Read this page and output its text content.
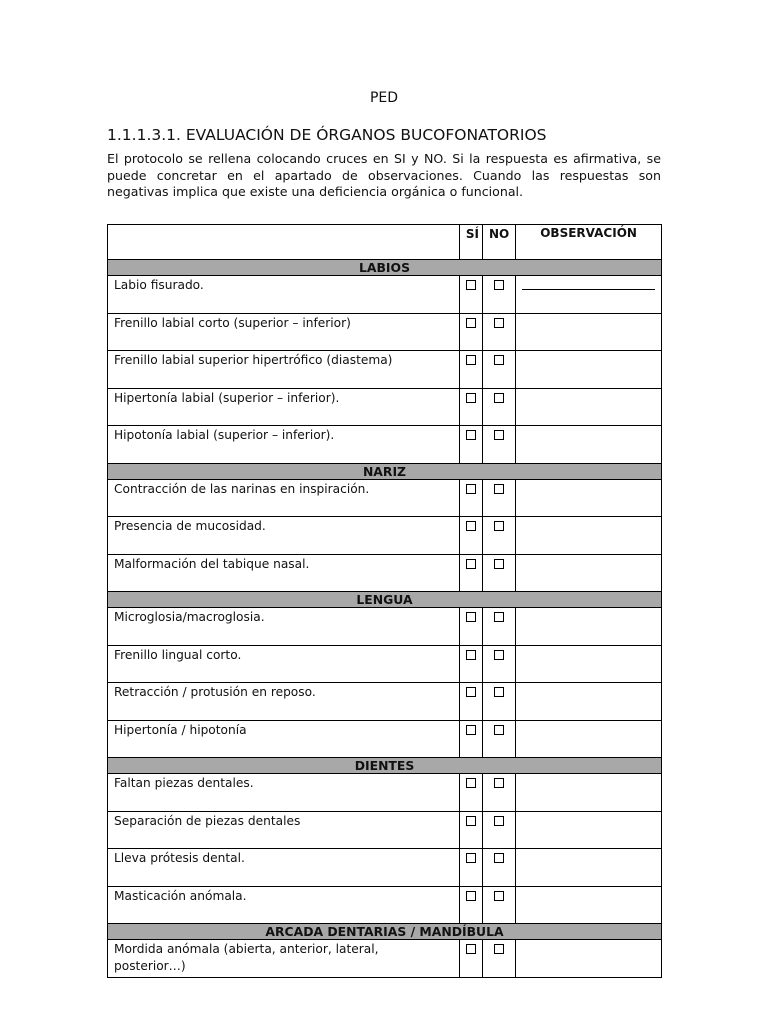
PED
1.1.1.3.1. EVALUACIÓN DE ÓRGANOS BUCOFONATORIOS

El protocolo se rellena colocando cruces en SI y NO. Si la respuesta es afirmativa, se puede concretar en el apartado de observaciones. Cuando las respuestas son negativas implica que existe una deficiencia orgánica o funcional.

	SÍ	NO	OBSERVACIÓN
LABIOS			
Labio fisurado.			

Frenillo labial corto (superior – inferior)			
Frenillo labial superior hipertrófico (diastema)			
Hipertonía labial (superior – inferior).			
Hipotonía labial (superior – inferior).			
NARIZ			
Contracción de las narinas en inspiración.			
Presencia de mucosidad.			
Malformación del tabique nasal.			
LENGUA			
Microglosia/macroglosia.			
Frenillo lingual corto.			
Retracción / protusión en reposo.			
Hipertonía / hipotonía			
DIENTES			
Faltan piezas dentales.			
Separación de piezas dentales			
Lleva prótesis dental.			
Masticación anómala.			
ARCADA DENTARIAS / MANDÍBULA			
Mordida anómala (abierta, anterior, lateral, posterior…)			
